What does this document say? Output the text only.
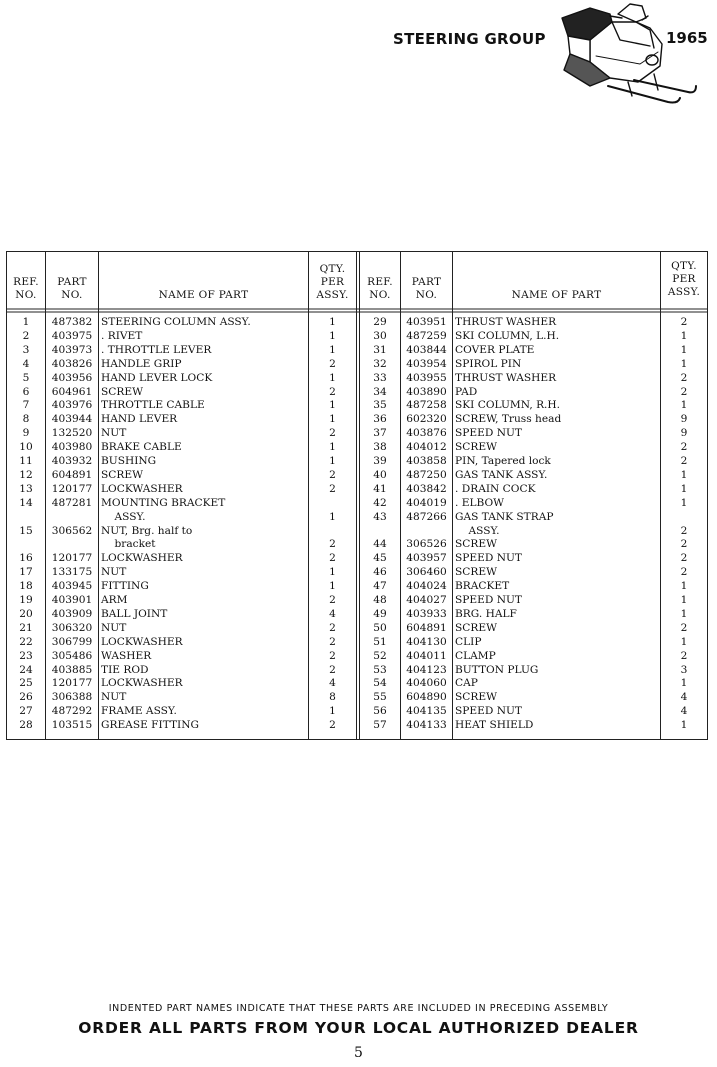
STEERING GROUP	1965
REF.
NO.
PART
NO.	NAME OF PART
QTY.
PER
ASSY.
REF.
NO.
PART
NO.	NAME OF PART
QTY.
PER
ASSY.
1	487382 STEERING COLUMN ASSY.	1
2	403975 . RIVET	1
3	403973 . THROTTLE LEVER	1
4	403826 HANDLE GRIP	2
5	403956 HAND LEVER LOCK	1
6	604961 SCREW	2
7	403976 THROTTLE CABLE	1
8	403944 HAND LEVER	1
9	132520 NUT	2
10	403980 BRAKE CABLE	1
11	403932 BUSHING	1
12	604891 SCREW	2
13	120177 LOCKWASHER	2
14	487281 MOUNTING BRACKET
ASSY.	1
15	306562 NUT, Brg. half to
bracket	2
16	120177 LOCKWASHER	2
17	133175 NUT	1
18	403945 FITTING	1
19	403901 ARM	2
20	403909 BALL JOINT	4
21	306320 NUT	2
22	306799 LOCKWASHER	2
23	305486 WASHER	2
24	403885 TIE ROD	2
25	120177 LOCKWASHER	4
26	306388 NUT	8
27	487292 FRAME ASSY.	1
28	103515 GREASE FITTING	2
29	403951 THRUST WASHER	2
30	487259 SKI COLUMN, L.H.	1
31	403844 COVER PLATE	1
32	403954 SPIROL PIN	1
33	403955 THRUST WASHER	2
34	403890 PAD	2
35	487258 SKI COLUMN, R.H.	1
36	602320 SCREW, Truss head	9
37	403876 SPEED NUT	9
38	404012 SCREW	2
39	403858 PIN, Tapered lock	2
40	487250 GAS TANK ASSY.	1
41	403842 . DRAIN COCK	1
42	404019 . ELBOW	1
43	487266 GAS TANK STRAP
ASSY.	2
44	306526 SCREW	2
45	403957 SPEED NUT	2
46	306460 SCREW	2
47	404024 BRACKET	1
48	404027 SPEED NUT	1
49	403933 BRG. HALF	1
50	604891 SCREW	2
51	404130 CLIP	1
52	404011 CLAMP	2
53	404123 BUTTON PLUG	3
54	404060 CAP	1
55	604890 SCREW	4
56	404135 SPEED NUT	4
57	404133 HEAT SHIELD	1
INDENTED PART NAMES INDICATE THAT THESE PARTS ARE INCLUDED IN PRECEDING ASSEMBLY
ORDER ALL PARTS FROM YOUR LOCAL AUTHORIZED DEALER
5
